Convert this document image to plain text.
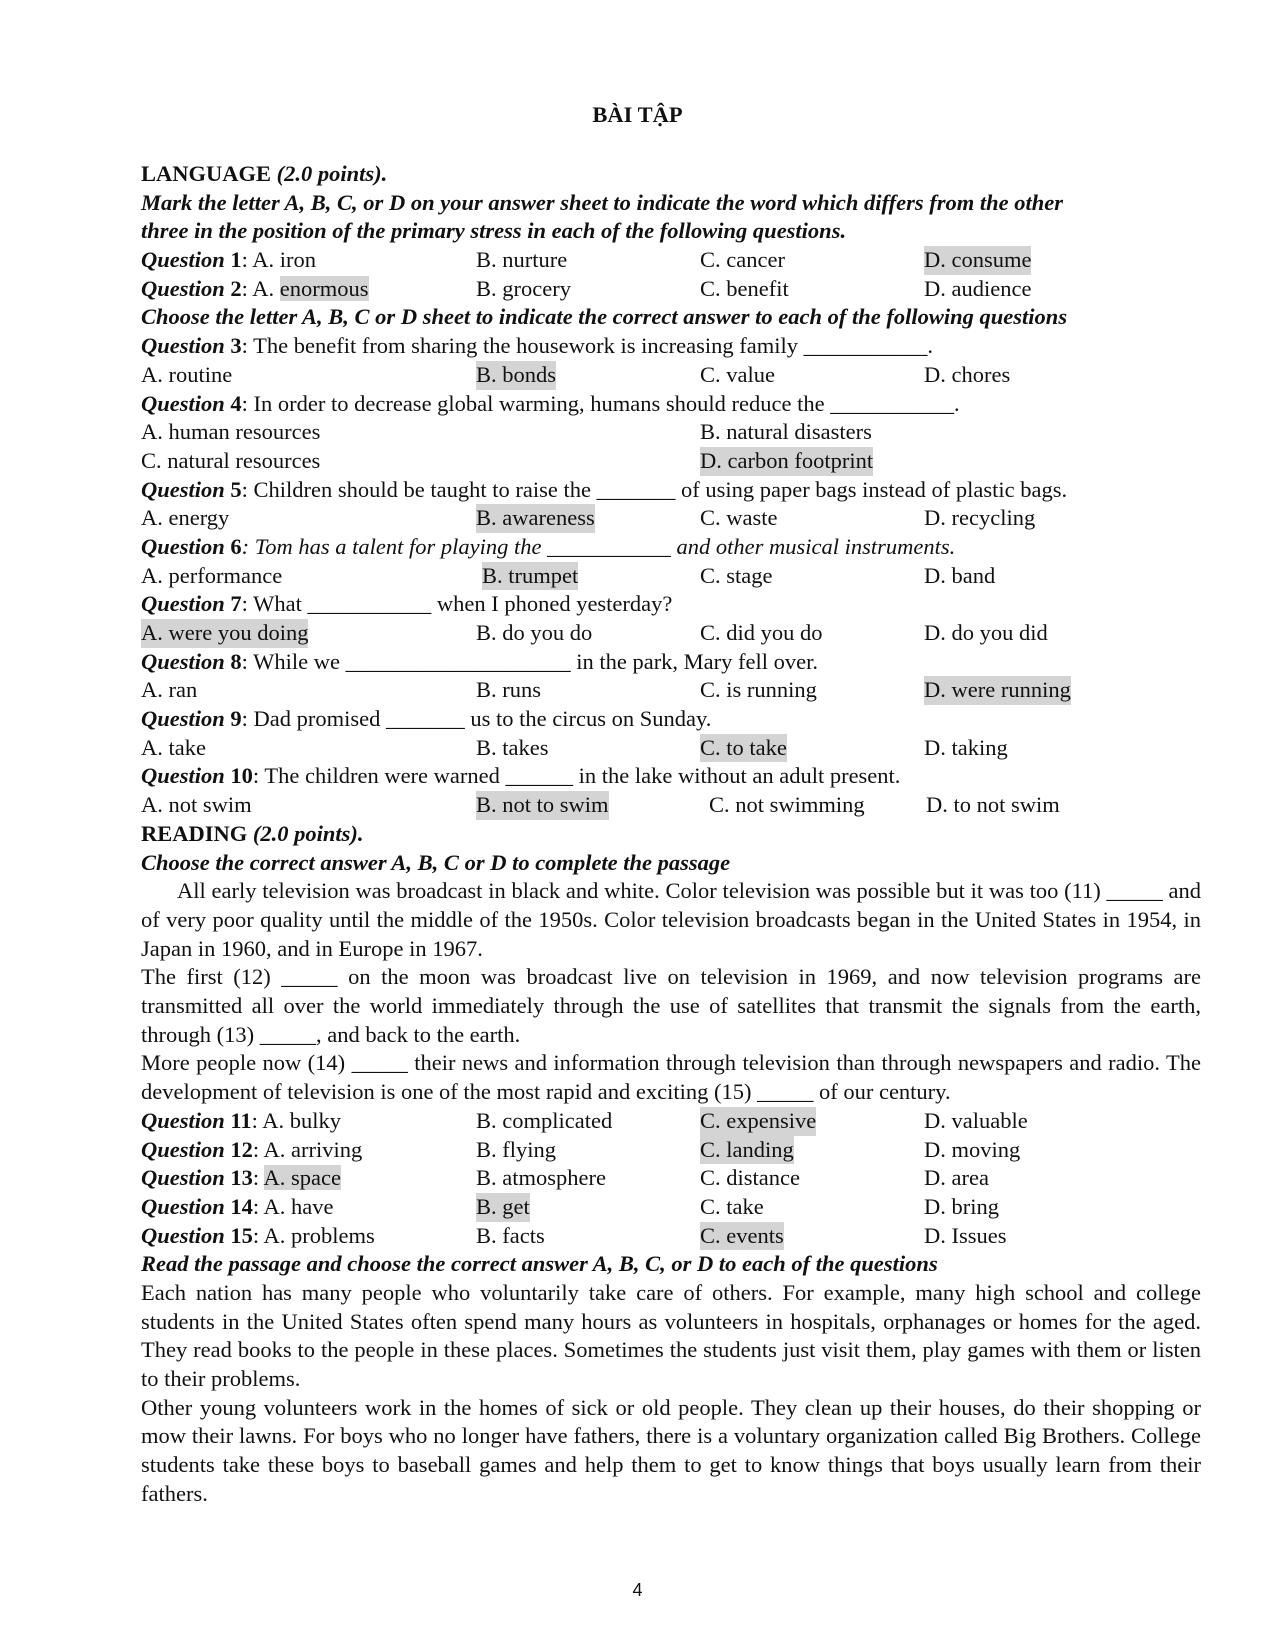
BÀI TẬP
LANGUAGE (2.0 points).
Mark the letter A, B, C, or D on your answer sheet to indicate the word which differs from the other
three in the position of the primary stress in each of the following questions.
Question 1: A. iron	B. nurture	C. cancer	D. consume
Question 2: A. enormous	B. grocery	C. benefit	D. audience
Choose the letter A, B, C or D sheet to indicate the correct answer to each of the following questions
Question 3: The benefit from sharing the housework is increasing family ___________.
A. routine	B. bonds	C. value	D. chores
Question 4: In order to decrease global warming, humans should reduce the ___________.
A. human resources	B. natural disasters
C. natural resources	D. carbon footprint
Question 5: Children should be taught to raise the _______ of using paper bags instead of plastic bags.
A. energy	B. awareness	C. waste	D. recycling
Question 6: Tom has a talent for playing the ___________ and other musical instruments.
A. performance	B. trumpet	C. stage	D. band
Question 7: What ___________ when I phoned yesterday?
A. were you doing	B. do you do	C. did you do	D. do you did
Question 8: While we ____________________ in the park, Mary fell over.
A. ran	B. runs	C. is running	D. were running
Question 9: Dad promised _______ us to the circus on Sunday.
A. take	B. takes	C. to take	D. taking
Question 10: The children were warned ______ in the lake without an adult present.
A. not swim	B. not to swim	C. not swimming	D. to not swim
READING (2.0 points).
Choose the correct answer A, B, C or D to complete the passage
All early television was broadcast in black and white. Color television was possible but it was too (11) _____ and of very poor quality until the middle of the 1950s. Color television broadcasts began in the United States in 1954, in Japan in 1960, and in Europe in 1967.
The first (12) _____ on the moon was broadcast live on television in 1969, and now television programs are transmitted all over the world immediately through the use of satellites that transmit the signals from the earth, through (13) _____, and back to the earth.
More people now (14) _____ their news and information through television than through newspapers and radio. The development of television is one of the most rapid and exciting (15) _____ of our century.
Question 11: A. bulky	B. complicated	C. expensive	D. valuable
Question 12: A. arriving	B. flying	C. landing	D. moving
Question 13: A. space	B. atmosphere	C. distance	D. area
Question 14: A. have	B. get	C. take	D. bring
Question 15: A. problems	B. facts	C. events	D. Issues
Read the passage and choose the correct answer A, B, C, or D to each of the questions
Each nation has many people who voluntarily take care of others. For example, many high school and college students in the United States often spend many hours as volunteers in hospitals, orphanages or homes for the aged. They read books to the people in these places. Sometimes the students just visit them, play games with them or listen to their problems.
Other young volunteers work in the homes of sick or old people. They clean up their houses, do their shopping or mow their lawns. For boys who no longer have fathers, there is a voluntary organization called Big Brothers. College students take these boys to baseball games and help them to get to know things that boys usually learn from their fathers.
4
